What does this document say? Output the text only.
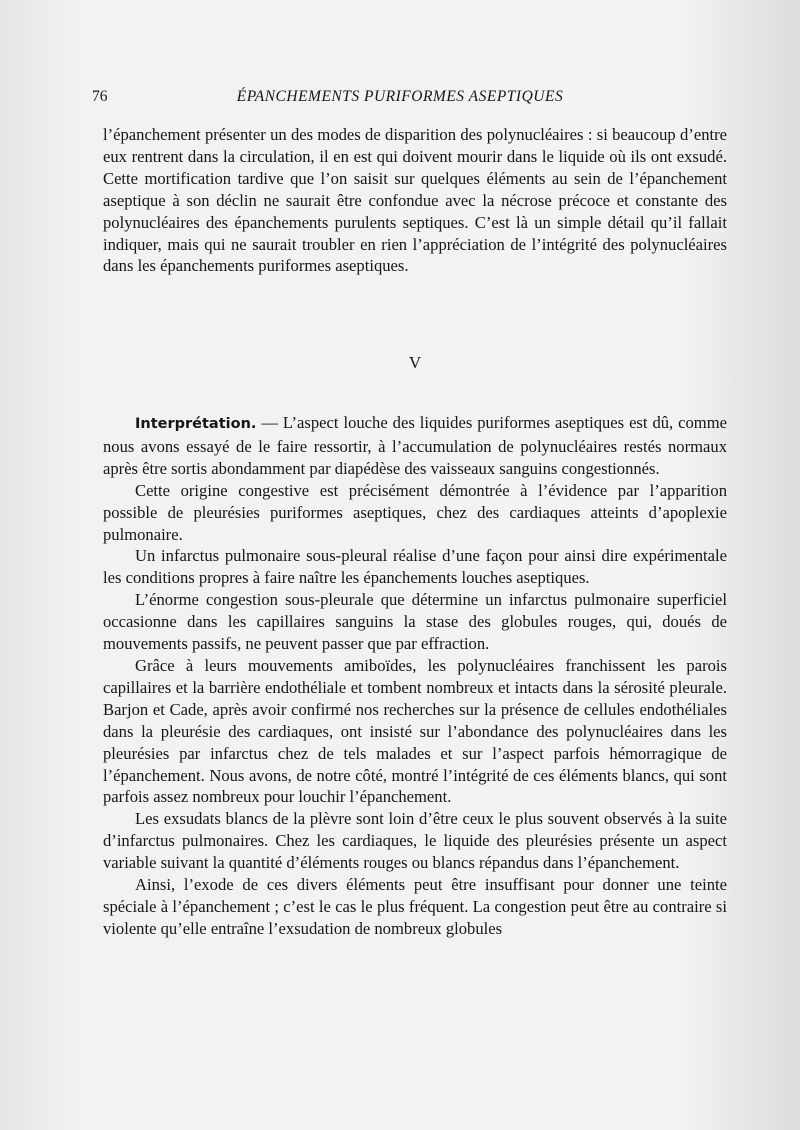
76	ÉPANCHEMENTS PURIFORMES ASEPTIQUES

l’épanchement présenter un des modes de disparition des polynucléaires : si beaucoup d’entre eux rentrent dans la circulation, il en est qui doivent mourir dans le liquide où ils ont exsudé. Cette mortification tardive que l’on saisit sur quelques éléments au sein de l’épanchement aseptique à son déclin ne saurait être confondue avec la nécrose précoce et constante des polynucléaires des épanchements purulents septiques. C’est là un simple détail qu’il fallait indiquer, mais qui ne saurait troubler en rien l’appréciation de l’intégrité des polynucléaires dans les épanchements puriformes aseptiques.

V

Interprétation. — L’aspect louche des liquides puriformes aseptiques est dû, comme nous avons essayé de le faire ressortir, à l’accumulation de polynucléaires restés normaux après être sortis abondamment par diapédèse des vaisseaux sanguins congestionnés.

Cette origine congestive est précisément démontrée à l’évidence par l’apparition possible de pleurésies puriformes aseptiques, chez des cardiaques atteints d’apoplexie pulmonaire.

Un infarctus pulmonaire sous-pleural réalise d’une façon pour ainsi dire expérimentale les conditions propres à faire naître les épanchements louches aseptiques.

L’énorme congestion sous-pleurale que détermine un infarctus pulmonaire superficiel occasionne dans les capillaires sanguins la stase des globules rouges, qui, doués de mouvements passifs, ne peuvent passer que par effraction.

Grâce à leurs mouvements amiboïdes, les polynucléaires franchissent les parois capillaires et la barrière endothéliale et tombent nombreux et intacts dans la sérosité pleurale. Barjon et Cade, après avoir confirmé nos recherches sur la présence de cellules endothéliales dans la pleurésie des cardiaques, ont insisté sur l’abondance des polynucléaires dans les pleurésies par infarctus chez de tels malades et sur l’aspect parfois hémorragique de l’épanchement. Nous avons, de notre côté, montré l’intégrité de ces éléments blancs, qui sont parfois assez nombreux pour louchir l’épanchement.

Les exsudats blancs de la plèvre sont loin d’être ceux le plus souvent observés à la suite d’infarctus pulmonaires. Chez les cardiaques, le liquide des pleurésies présente un aspect variable suivant la quantité d’éléments rouges ou blancs répandus dans l’épanchement.

Ainsi, l’exode de ces divers éléments peut être insuffisant pour donner une teinte spéciale à l’épanchement ; c’est le cas le plus fréquent. La congestion peut être au contraire si violente qu’elle entraîne l’exsudation de nombreux globules
